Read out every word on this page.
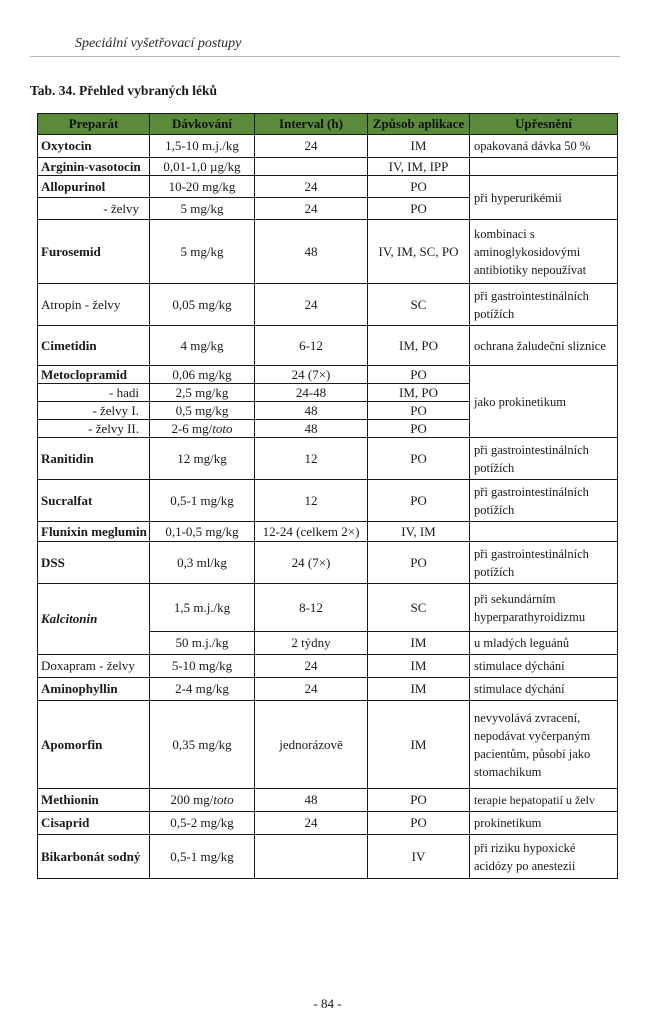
Speciální vyšetřovací postupy
Tab. 34. Přehled vybraných léků
Preparát	Dávkování	Interval (h)	Způsob aplikace	Upřesnění
Oxytocin	1,5-10 m.j./kg	24	IM	opakovaná dávka 50 %
Arginin-vasotocin	0,01-1,0 µg/kg		IV, IM, IPP	
Allopurinol	10-20 mg/kg	24	PO	při hyperurikémii
- želvy	5 mg/kg	24	PO	
Furosemid	5 mg/kg	48	IV, IM, SC, PO	kombinaci s aminoglykosidovými antibiotiky nepoužívat
Atropin - želvy	0,05 mg/kg	24	SC	při gastrointestinálních potížích
Cimetidin	4 mg/kg	6-12	IM, PO	ochrana žaludeční sliznice
Metoclopramid	0,06 mg/kg	24 (7×)	PO	jako prokinetikum
- hadi	2,5 mg/kg	24-48	IM, PO	
- želvy I.	0,5 mg/kg	48	PO	
- želvy II.	2-6 mg/toto	48	PO	
Ranitidin	12 mg/kg	12	PO	při gastrointestinálních potížích
Sucralfat	0,5-1 mg/kg	12	PO	při gastrointestinálních potížích
Flunixin meglumin	0,1-0,5 mg/kg	12-24 (celkem 2×)	IV, IM	
DSS	0,3 ml/kg	24 (7×)	PO	při gastrointestinálních potížích
Kalcitonin	1,5 m.j./kg	8-12	SC	při sekundárním hyperparathyroidizmu
	50 m.j./kg	2 týdny	IM	u mladých leguánů
Doxapram - želvy	5-10 mg/kg	24	IM	stimulace dýchání
Aminophyllin	2-4 mg/kg	24	IM	stimulace dýchání
Apomorfin	0,35 mg/kg	jednorázově	IM	nevyvolává zvracení, nepodávat vyčerpaným pacientům, působí jako stomachikum
Methionin	200 mg/toto	48	PO	terapie hepatopatií u želv
Cisaprid	0,5-2 mg/kg	24	PO	prokinetikum
Bikarbonát sodný	0,5-1 mg/kg		IV	při riziku hypoxické acidózy po anestezii
- 84 -
